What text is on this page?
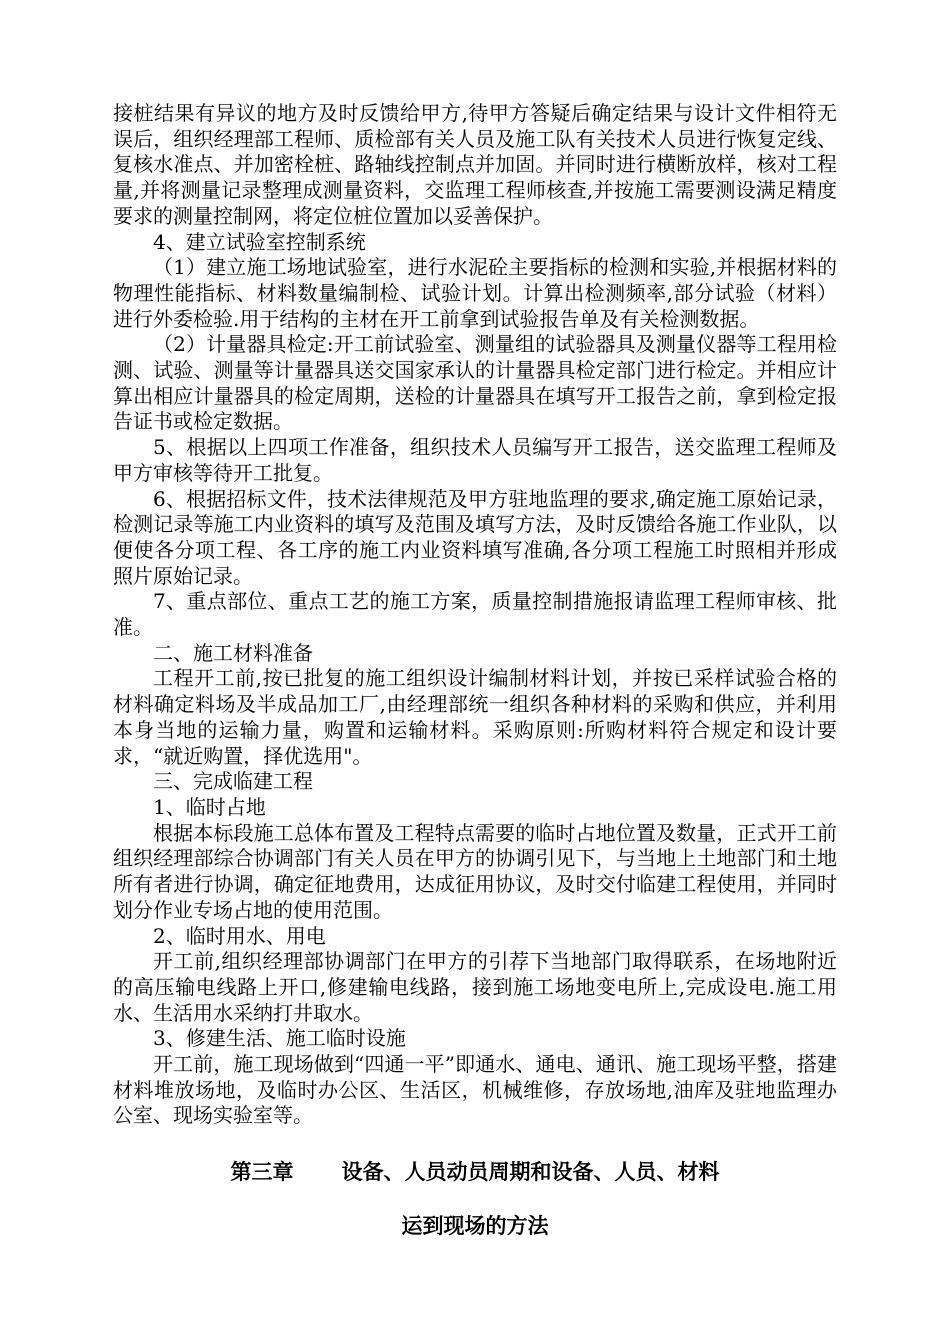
接桩结果有异议的地方及时反馈给甲方,待甲方答疑后确定结果与设计文件相符无误后，组织经理部工程师、质检部有关人员及施工队有关技术人员进行恢复定线、复核水准点、并加密栓桩、路轴线控制点并加固。并同时进行横断放样，核对工程量,并将测量记录整理成测量资料，交监理工程师核查,并按施工需要测设满足精度要求的测量控制网，将定位桩位置加以妥善保护。

4、建立试验室控制系统

（1）建立施工场地试验室，进行水泥砼主要指标的检测和实验,并根据材料的物理性能指标、材料数量编制检、试验计划。计算出检测频率,部分试验（材料）进行外委检验.用于结构的主材在开工前拿到试验报告单及有关检测数据。

（2）计量器具检定:开工前试验室、测量组的试验器具及测量仪器等工程用检测、试验、测量等计量器具送交国家承认的计量器具检定部门进行检定。并相应计算出相应计量器具的检定周期，送检的计量器具在填写开工报告之前，拿到检定报告证书或检定数据。

5、根据以上四项工作准备，组织技术人员编写开工报告，送交监理工程师及甲方审核等待开工批复。

6、根据招标文件，技术法律规范及甲方驻地监理的要求,确定施工原始记录，检测记录等施工内业资料的填写及范围及填写方法，及时反馈给各施工作业队，以便使各分项工程、各工序的施工内业资料填写准确,各分项工程施工时照相并形成照片原始记录。

7、重点部位、重点工艺的施工方案，质量控制措施报请监理工程师审核、批准。

二、施工材料准备

工程开工前,按已批复的施工组织设计编制材料计划，并按已采样试验合格的材料确定料场及半成品加工厂,由经理部统一组织各种材料的采购和供应，并利用本身当地的运输力量，购置和运输材料。采购原则:所购材料符合规定和设计要求，“就近购置，择优选用"。

三、完成临建工程

1、临时占地

根据本标段施工总体布置及工程特点需要的临时占地位置及数量，正式开工前组织经理部综合协调部门有关人员在甲方的协调引见下，与当地上土地部门和土地所有者进行协调，确定征地费用，达成征用协议，及时交付临建工程使用，并同时划分作业专场占地的使用范围。

2、临时用水、用电

开工前,组织经理部协调部门在甲方的引荐下当地部门取得联系，在场地附近的高压输电线路上开口,修建输电线路，接到施工场地变电所上,完成设电.施工用水、生活用水采纳打井取水。

3、修建生活、施工临时设施

开工前，施工现场做到“四通一平”即通水、通电、通讯、施工现场平整，搭建材料堆放场地，及临时办公区、生活区，机械维修，存放场地,油库及驻地监理办公室、现场实验室等。

第三章 设备、人员动员周期和设备、人员、材料
运到现场的方法
